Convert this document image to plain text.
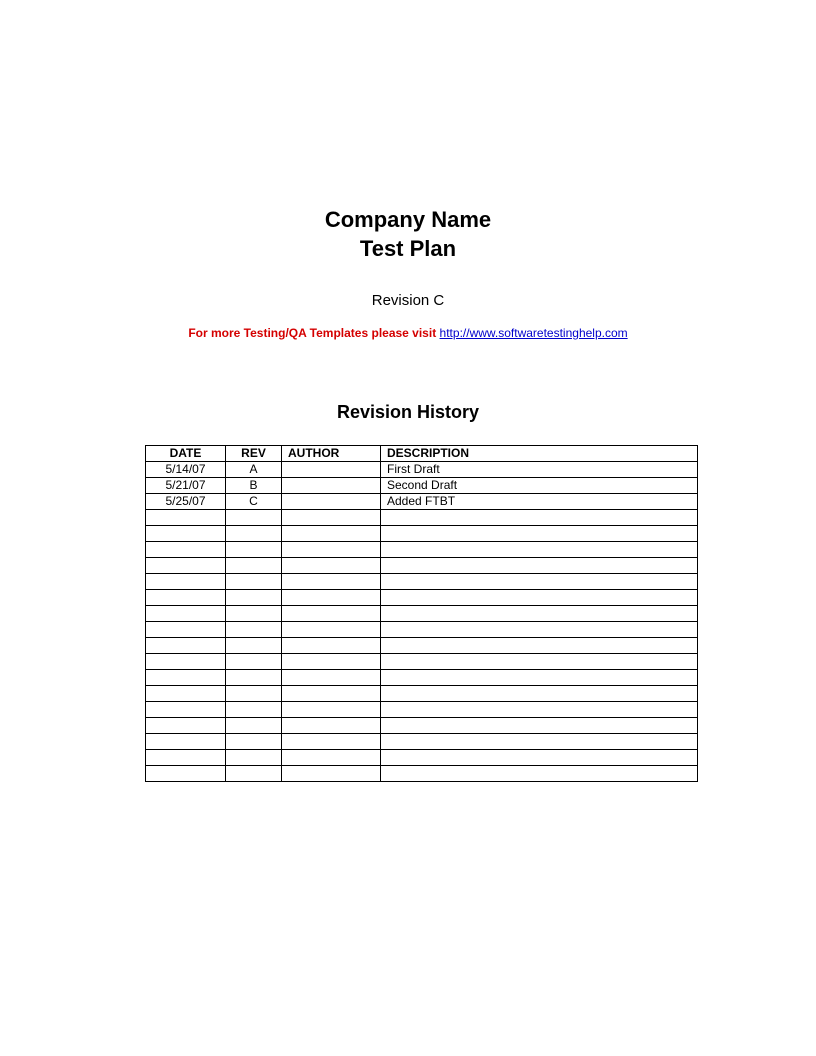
Company Name
Test Plan
Revision C
For more Testing/QA Templates please visit http://www.softwaretestinghelp.com
Revision History
DATE	REV	AUTHOR	DESCRIPTION
5/14/07	A		First Draft
5/21/07	B		Second Draft
5/25/07	C		Added FTBT
